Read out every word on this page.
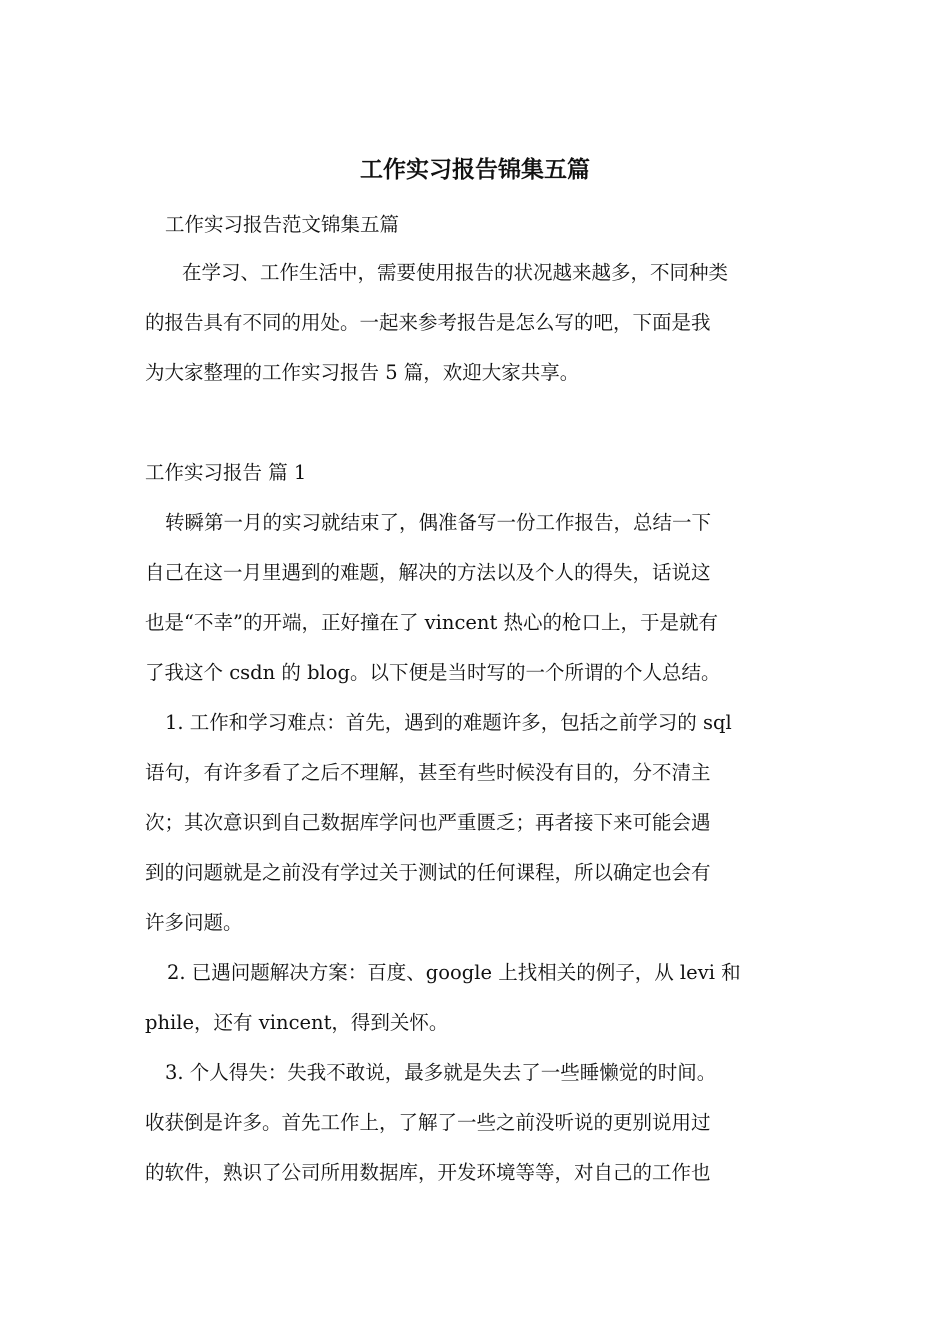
工作实习报告锦集五篇

工作实习报告范文锦集五篇

在学习、工作生活中，需要使用报告的状况越来越多，不同种类

的报告具有不同的用处。一起来参考报告是怎么写的吧，下面是我

为大家整理的工作实习报告 5 篇，欢迎大家共享。

工作实习报告 篇 1

转瞬第一月的实习就结束了，偶准备写一份工作报告，总结一下

自己在这一月里遇到的难题，解决的方法以及个人的得失，话说这

也是“不幸”的开端，正好撞在了 vincent 热心的枪口上，于是就有

了我这个 csdn 的 blog。以下便是当时写的一个所谓的个人总结。

1. 工作和学习难点：首先，遇到的难题许多，包括之前学习的 sql

语句，有许多看了之后不理解，甚至有些时候没有目的，分不清主

次；其次意识到自己数据库学问也严重匮乏；再者接下来可能会遇

到的问题就是之前没有学过关于测试的任何课程，所以确定也会有

许多问题。

2. 已遇问题解决方案：百度、google 上找相关的例子，从 levi 和

phile，还有 vincent，得到关怀。

3. 个人得失：失我不敢说，最多就是失去了一些睡懒觉的时间。

收获倒是许多。首先工作上，了解了一些之前没听说的更别说用过

的软件，熟识了公司所用数据库，开发环境等等，对自己的工作也
